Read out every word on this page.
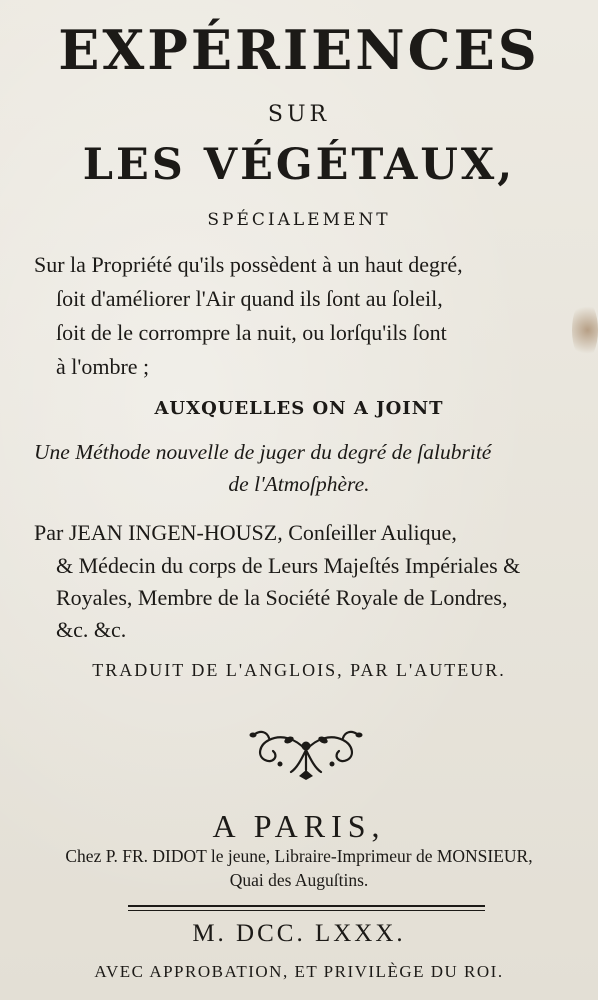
EXPÉRIENCES
SUR
LES VÉGÉTAUX,
SPÉCIALEMENT
Sur la Propriété qu'ils possèdent à un haut degré,
ſoit d'améliorer l'Air quand ils ſont au ſoleil,
ſoit de le corrompre la nuit, ou lorſqu'ils ſont
à l'ombre ;
AUXQUELLES ON A JOINT
Une Méthode nouvelle de juger du degré de ſalubrité
de l'Atmoſphère.
Par JEAN INGEN-HOUSZ, Conſeiller Aulique,
& Médecin du corps de Leurs Majeſtés Impériales &
Royales, Membre de la Société Royale de Londres,
&c. &c.
TRADUIT DE L'ANGLOIS, PAR L'AUTEUR.
A PARIS,
Chez P. FR. DIDOT le jeune, Libraire-Imprimeur de MONSIEUR,
Quai des Auguſtins.
M. DCC. LXXX.
AVEC APPROBATION, ET PRIVILÈGE DU ROI.
